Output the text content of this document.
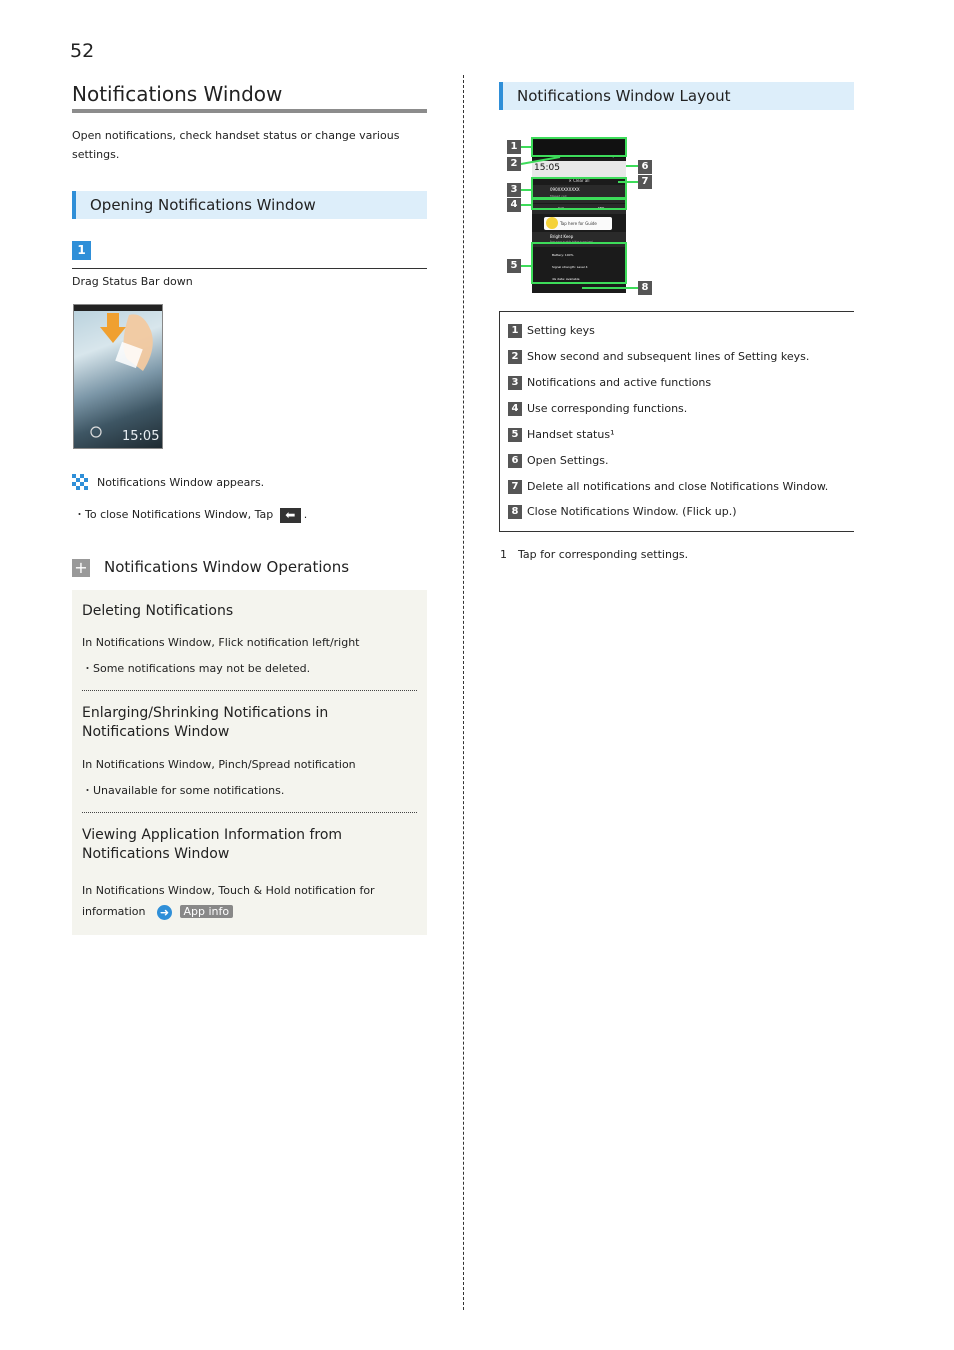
52
Notifications Window
Open notifications, check handset status or change various settings.
Opening Notifications Window
1
Drag Status Bar down
15:05
Notifications Window appears.
・To close Notifications Window, Tap ⬅ .
+ Notifications Window Operations
Deleting Notifications
In Notifications Window, Flick notification left/right
・Some notifications may not be deleted.
Enlarging/Shrinking Notifications in Notifications Window
In Notifications Window, Pinch/Spread notification
・Unavailable for some notifications.
Viewing Application Information from Notifications Window
In Notifications Window, Touch & Hold notification for information ➜ App info
Notifications Window Layout
Manner mode Wi-Fi Bluetooth Auto rotate Brightness
15:05
✕ Clear all
090XXXXXXXX
Missed call
Call	SMS
Tap here for Guide
Bright Keep
Keep screen on while holding in your hand
Battery: 100%
Signal strength: Level 4
4G data: Available
1
2
3
4
5
6
7
8
1 Setting keys
2 Show second and subsequent lines of Setting keys.
3 Notifications and active functions
4 Use corresponding functions.
5 Handset status¹
6 Open Settings.
7 Delete all notifications and close Notifications Window.
8 Close Notifications Window. (Flick up.)
1 Tap for corresponding settings.
